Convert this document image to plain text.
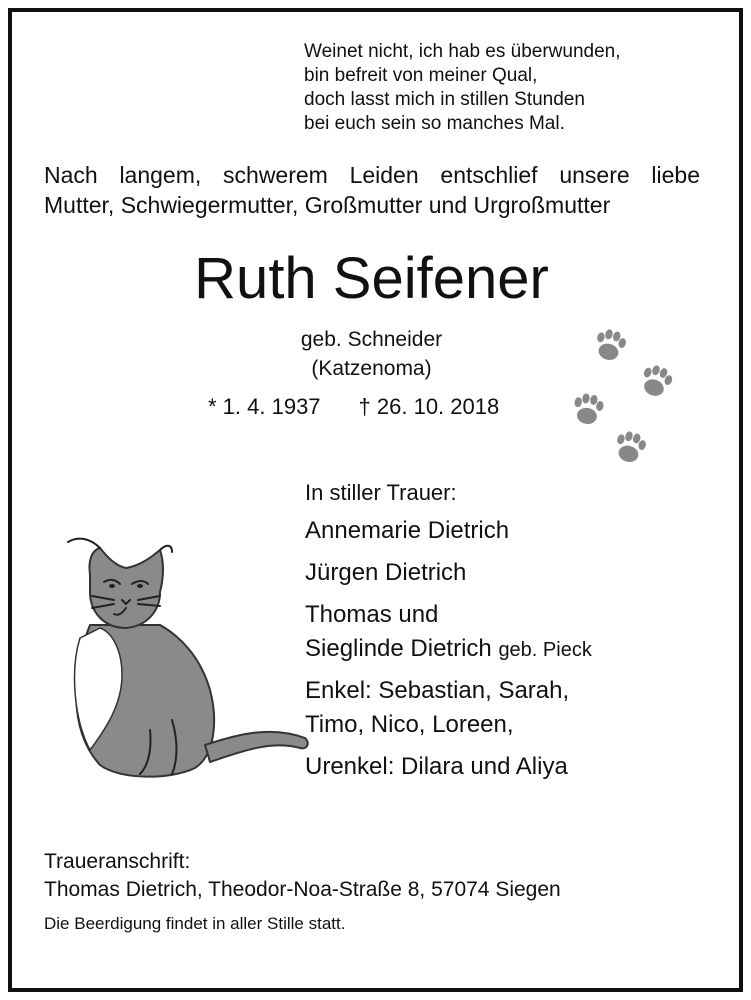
Weinet nicht, ich hab es überwunden,
bin befreit von meiner Qual,
doch lasst mich in stillen Stunden
bei euch sein so manches Mal.
Nach langem, schwerem Leiden entschlief unsere liebe
Mutter, Schwiegermutter, Großmutter und Urgroßmutter
Ruth Seifener
geb. Schneider
(Katzenoma)
* 1. 4. 1937 † 26. 10. 2018
In stiller Trauer:
Annemarie Dietrich
Jürgen Dietrich
Thomas und
Sieglinde Dietrich geb. Pieck
Enkel: Sebastian, Sarah,
Timo, Nico, Loreen,
Urenkel: Dilara und Aliya
Traueranschrift:
Thomas Dietrich, Theodor-Noa-Straße 8, 57074 Siegen
Die Beerdigung findet in aller Stille statt.
